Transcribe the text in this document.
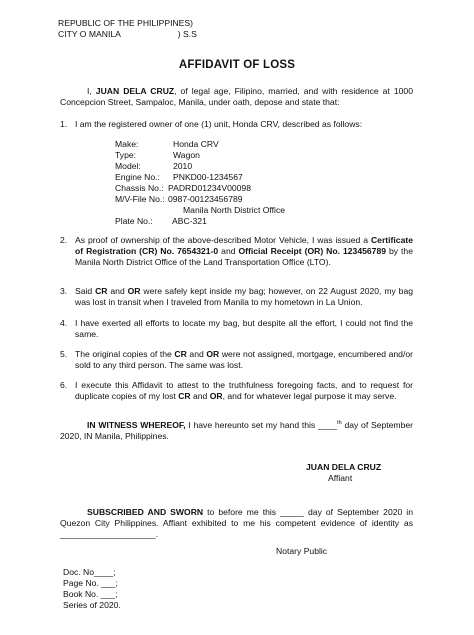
REPUBLIC OF THE PHILIPPINES)
CITY O MANILA                        ) S.S
AFFIDAVIT OF LOSS
I, JUAN DELA CRUZ, of legal age, Filipino, married, and with residence at 1000 Concepcion Street, Sampaloc, Manila, under oath, depose and state that:
1. I am the registered owner of one (1) unit, Honda CRV, described as follows:
Make:	Honda CRV
Type:	Wagon
Model:	2010
Engine No.: PNKD00-1234567
Chassis No.: PADRD01234V00098
M/V-File No.: 0987-00123456789
Manila North District Office
Plate No.: ABC-321
2. As proof of ownership of the above-described Motor Vehicle, I was issued a Certificate of Registration (CR) No. 7654321-0 and Official Receipt (OR) No. 123456789 by the Manila North District Office of the Land Transportation Office (LTO).
3. Said CR and OR were safely kept inside my bag; however, on 22 August 2020, my bag was lost in transit when I traveled from Manila to my hometown in La Union.
4. I have exerted all efforts to locate my bag, but despite all the effort, I could not find the same.
5. The original copies of the CR and OR were not assigned, mortgage, encumbered and/or sold to any third person. The same was lost.
6. I execute this Affidavit to attest to the truthfulness foregoing facts, and to request for duplicate copies of my lost CR and OR, and for whatever legal purpose it may serve.
IN WITNESS WHEREOF, I have hereunto set my hand this ____$^{th}$ day of September 2020, IN Manila, Philippines.
JUAN DELA CRUZ
Affiant
SUBSCRIBED AND SWORN to before me this _____ day of September 2020 in Quezon City Philippines. Affiant exhibited to me his competent evidence of identity as ____________________.
Notary Public
Doc. No____;
Page No. ___;
Book No. ___;
Series of 2020.
